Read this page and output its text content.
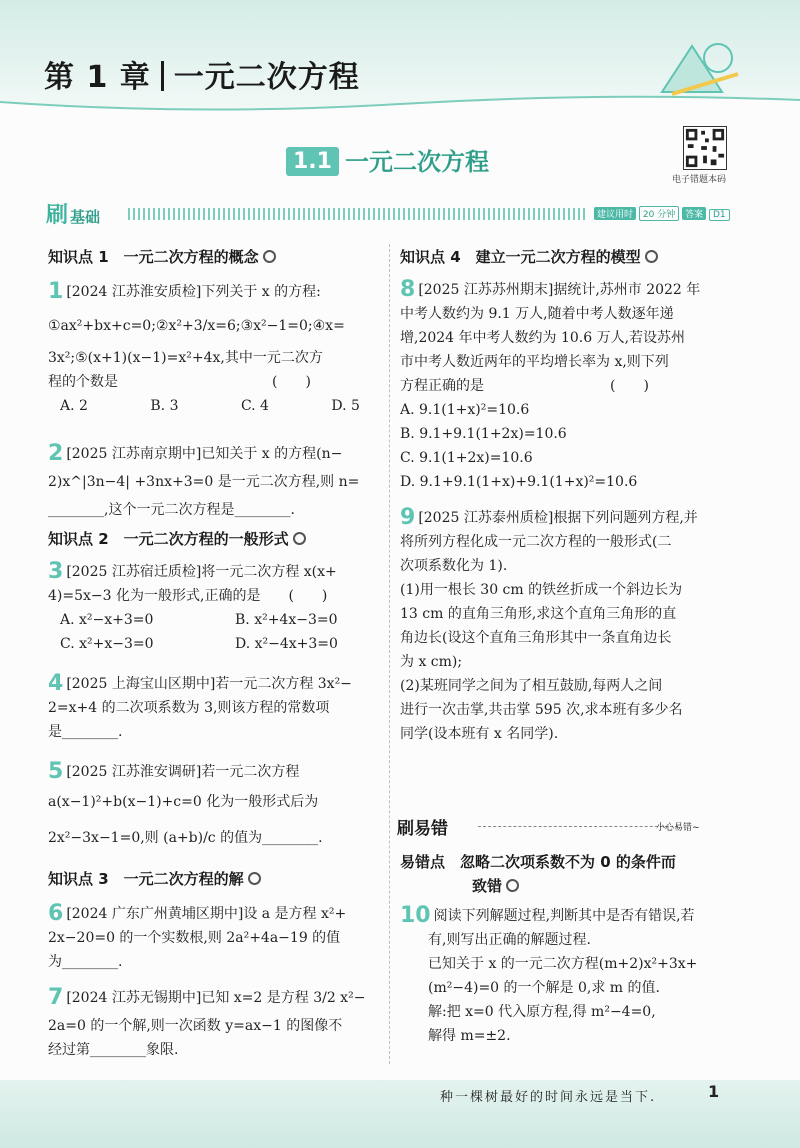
第 1 章 一元二次方程
1.1 一元二次方程
电子错题本码
刷 基础	建议用时 20 分钟 答案 D1
知识点 1　一元二次方程的概念
1 [2024 江苏淮安质检]下列关于 x 的方程:
①ax²+bx+c=0;②x²+3/x=6;③x²−1=0;④x=
3x²;⑤(x+1)(x−1)=x²+4x,其中一元二次方
程的个数是　　　　　　　　　　　(　　)
A. 2	B. 3	C. 4	D. 5
2 [2025 江苏南京期中]已知关于 x 的方程(n−
2)x^|3n−4| +3nx+3=0 是一元二次方程,则 n=
________,这个一元二次方程是________.
知识点 2　一元二次方程的一般形式
3 [2025 江苏宿迁质检]将一元二次方程 x(x+
4)=5x−3 化为一般形式,正确的是　　(　　)
A. x²−x+3=0	B. x²+4x−3=0
C. x²+x−3=0	D. x²−4x+3=0
4 [2025 上海宝山区期中]若一元二次方程 3x²−
2=x+4 的二次项系数为 3,则该方程的常数项
是________.
5 [2025 江苏淮安调研]若一元二次方程
a(x−1)²+b(x−1)+c=0 化为一般形式后为
2x²−3x−1=0,则 (a+b)/c 的值为________.
知识点 3　一元二次方程的解
6 [2024 广东广州黄埔区期中]设 a 是方程 x²+
2x−20=0 的一个实数根,则 2a²+4a−19 的值
为________.
7 [2024 江苏无锡期中]已知 x=2 是方程 3/2 x²−
2a=0 的一个解,则一次函数 y=ax−1 的图像不
经过第________象限.
知识点 4　建立一元二次方程的模型
8 [2025 江苏苏州期末]据统计,苏州市 2022 年
中考人数约为 9.1 万人,随着中考人数逐年递
增,2024 年中考人数约为 10.6 万人,若设苏州
市中考人数近两年的平均增长率为 x,则下列
方程正确的是　　　　　　　　　(　　)
A. 9.1(1+x)²=10.6
B. 9.1+9.1(1+2x)=10.6
C. 9.1(1+2x)=10.6
D. 9.1+9.1(1+x)+9.1(1+x)²=10.6
9 [2025 江苏泰州质检]根据下列问题列方程,并
将所列方程化成一元二次方程的一般形式(二
次项系数化为 1).
(1)用一根长 30 cm 的铁丝折成一个斜边长为
13 cm 的直角三角形,求这个直角三角形的直
角边长(设这个直角三角形其中一条直角边长
为 x cm);
(2)某班同学之间为了相互鼓励,每两人之间
进行一次击掌,共击掌 595 次,求本班有多少名
同学(设本班有 x 名同学).
刷易错	小心易错~
易错点　忽略二次项系数不为 0 的条件而
致错
10 阅读下列解题过程,判断其中是否有错误,若
有,则写出正确的解题过程.
已知关于 x 的一元二次方程(m+2)x²+3x+
(m²−4)=0 的一个解是 0,求 m 的值.
解:把 x=0 代入原方程,得 m²−4=0,
解得 m=±2.
种一棵树最好的时间永远是当下.	1
